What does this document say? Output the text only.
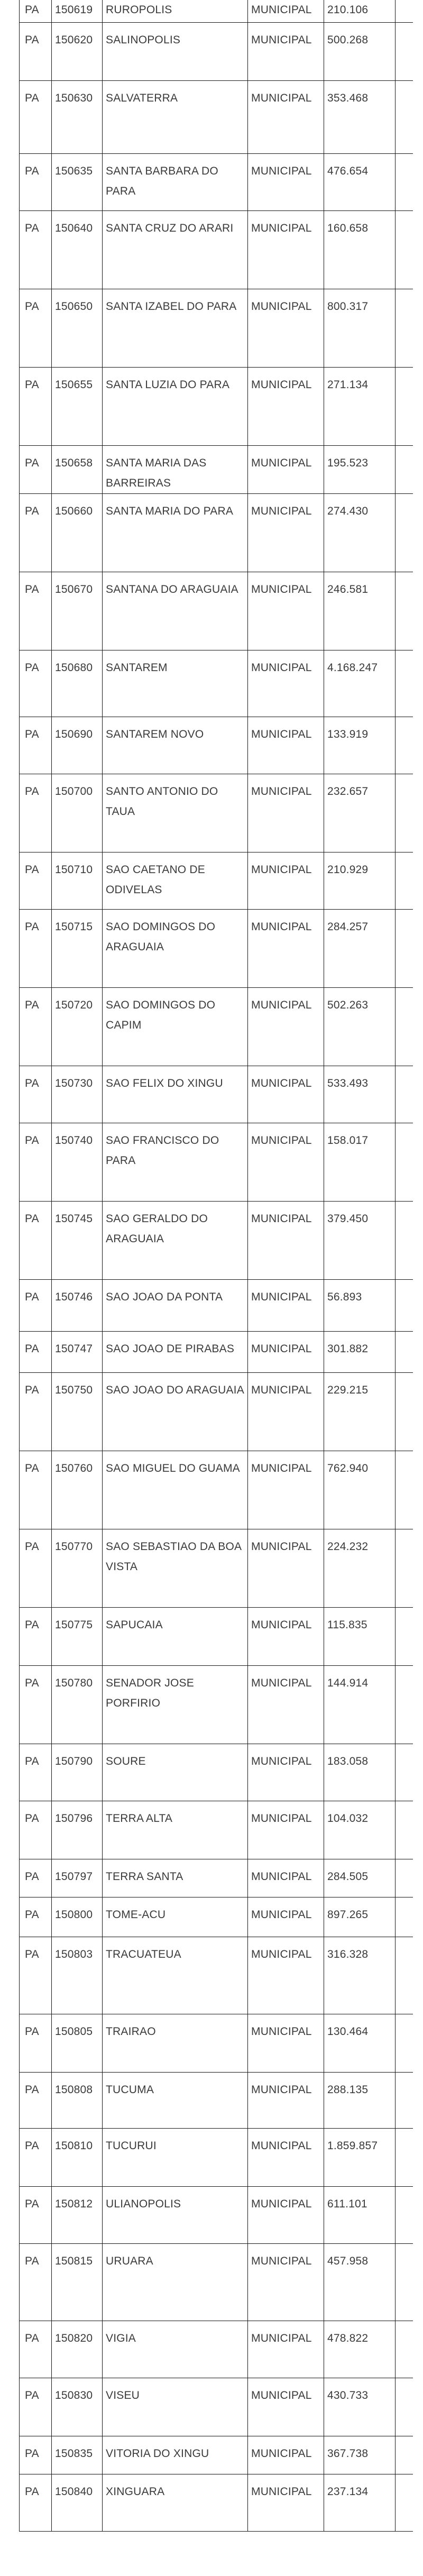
PA	150619	RUROPOLIS	MUNICIPAL	210.106	
PA	150620	SALINOPOLIS	MUNICIPAL	500.268	
PA	150630	SALVATERRA	MUNICIPAL	353.468	
PA	150635	SANTA BARBARA DO PARA	MUNICIPAL	476.654	
PA	150640	SANTA CRUZ DO ARARI	MUNICIPAL	160.658	
PA	150650	SANTA IZABEL DO PARA	MUNICIPAL	800.317	
PA	150655	SANTA LUZIA DO PARA	MUNICIPAL	271.134	
PA	150658	SANTA MARIA DAS BARREIRAS	MUNICIPAL	195.523	
PA	150660	SANTA MARIA DO PARA	MUNICIPAL	274.430	
PA	150670	SANTANA DO ARAGUAIA	MUNICIPAL	246.581	
PA	150680	SANTAREM	MUNICIPAL	4.168.247	
PA	150690	SANTAREM NOVO	MUNICIPAL	133.919	
PA	150700	SANTO ANTONIO DO TAUA	MUNICIPAL	232.657	
PA	150710	SAO CAETANO DE ODIVELAS	MUNICIPAL	210.929	
PA	150715	SAO DOMINGOS DO ARAGUAIA	MUNICIPAL	284.257	
PA	150720	SAO DOMINGOS DO CAPIM	MUNICIPAL	502.263	
PA	150730	SAO FELIX DO XINGU	MUNICIPAL	533.493	
PA	150740	SAO FRANCISCO DO PARA	MUNICIPAL	158.017	
PA	150745	SAO GERALDO DO ARAGUAIA	MUNICIPAL	379.450	
PA	150746	SAO JOAO DA PONTA	MUNICIPAL	56.893	
PA	150747	SAO JOAO DE PIRABAS	MUNICIPAL	301.882	
PA	150750	SAO JOAO DO ARAGUAIA	MUNICIPAL	229.215	
PA	150760	SAO MIGUEL DO GUAMA	MUNICIPAL	762.940	
PA	150770	SAO SEBASTIAO DA BOA VISTA	MUNICIPAL	224.232	
PA	150775	SAPUCAIA	MUNICIPAL	115.835	
PA	150780	SENADOR JOSE PORFIRIO	MUNICIPAL	144.914	
PA	150790	SOURE	MUNICIPAL	183.058	
PA	150796	TERRA ALTA	MUNICIPAL	104.032	
PA	150797	TERRA SANTA	MUNICIPAL	284.505	
PA	150800	TOME-ACU	MUNICIPAL	897.265	
PA	150803	TRACUATEUA	MUNICIPAL	316.328	
PA	150805	TRAIRAO	MUNICIPAL	130.464	
PA	150808	TUCUMA	MUNICIPAL	288.135	
PA	150810	TUCURUI	MUNICIPAL	1.859.857	
PA	150812	ULIANOPOLIS	MUNICIPAL	611.101	
PA	150815	URUARA	MUNICIPAL	457.958	
PA	150820	VIGIA	MUNICIPAL	478.822	
PA	150830	VISEU	MUNICIPAL	430.733	
PA	150835	VITORIA DO XINGU	MUNICIPAL	367.738	
PA	150840	XINGUARA	MUNICIPAL	237.134	
